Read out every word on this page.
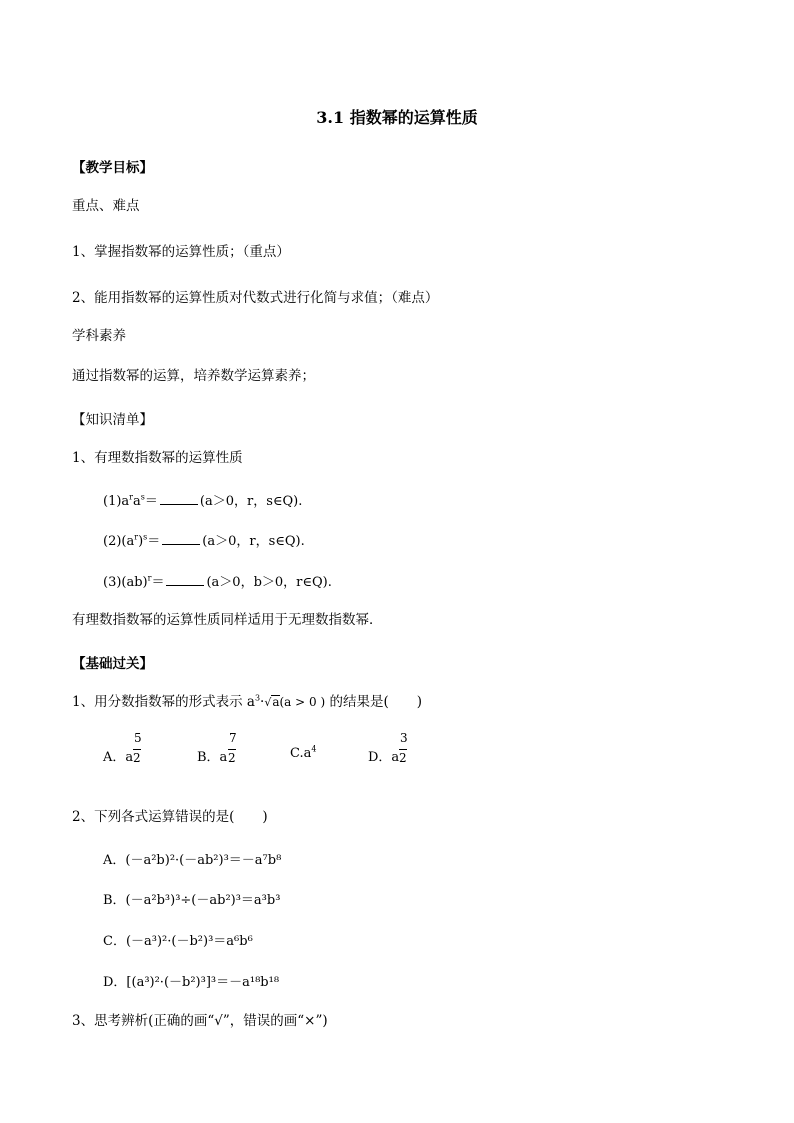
3.1 指数幂的运算性质
【教学目标】
重点、难点
1、掌握指数幂的运算性质；（重点）
2、能用指数幂的运算性质对代数式进行化简与求值；（难点）
学科素养
通过指数幂的运算，培养数学运算素养；
【知识清单】
1、有理数指数幂的运算性质
$(1)a^ra^s=$	(a＞0，r，s∈Q).
$(2)(a^r)^s=$	(a＞0，r，s∈Q).
(3)(ab)$^r$＝	(a＞0，b＞0，r∈Q).
有理数指数幂的运算性质同样适用于无理数指数幂．
【基础过关】
1、用分数指数幂的形式表示 $a^3\cdot√a(a > 0$ ) 的结果是( )
A．a
5
2	B．a
7
2	$C.a^4$
D．a
3
2
2、下列各式运算错误的是( )
A．(－a²b)²·(－ab²)³＝－a⁷b⁸
B．(－a²b³)³÷(－ab²)³＝a³b³
C．(－a³)²·(－b²)³＝a⁶b⁶
D．[(a³)²·(－b²)³]³＝－a¹⁸b¹⁸
3、思考辨析(正确的画“√”，错误的画“×”)
